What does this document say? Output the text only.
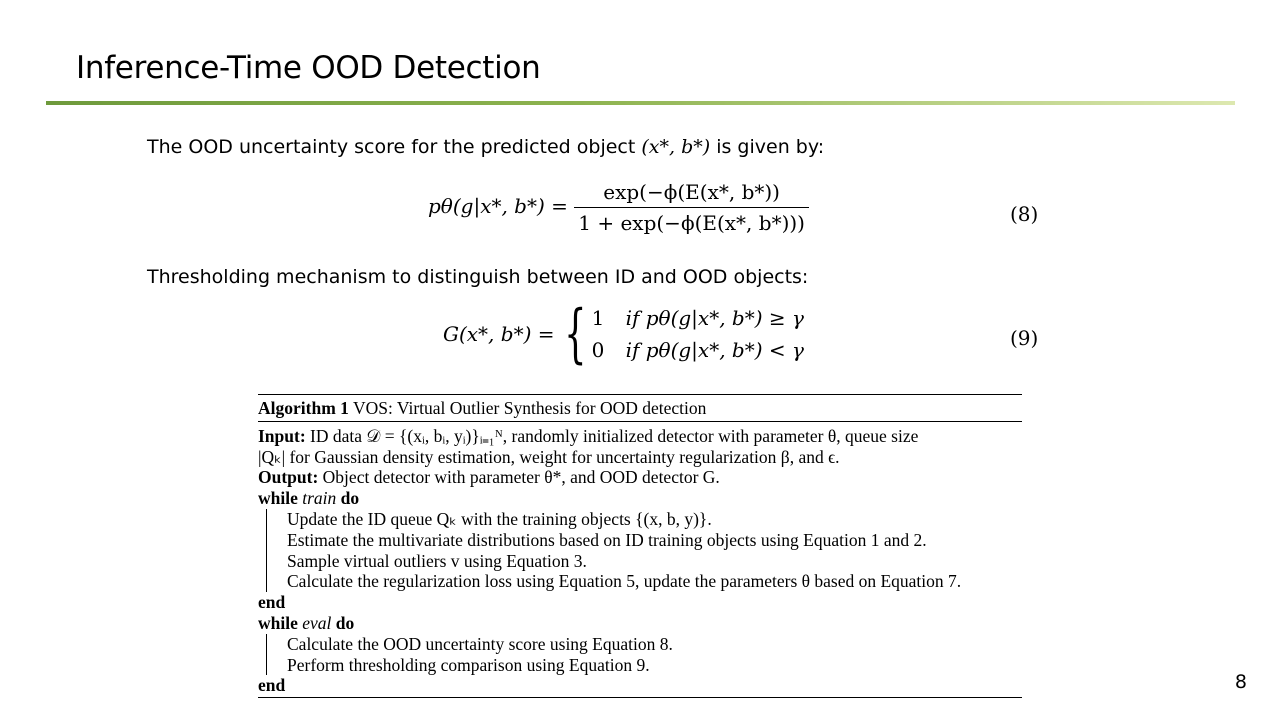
Inference-Time OOD Detection
The OOD uncertainty score for the predicted object (x*, b*) is given by:
pθ(g|x*, $b*) = \frac{\exp(-\phi(E(x*, b*))}{1 + \exp(-\phi(E(x*, b*)))}$	(8)
Thresholding mechanism to distinguish between ID and OOD objects:
G(x*, b*) = { 1 if pθ(g|x*, b*) ≥ γ
0 if pθ(g|x*, b*) < γ	(9)
Algorithm 1 VOS: Virtual Outlier Synthesis for OOD detection
Input: ID data 𝒟 = {(xᵢ, bᵢ, yᵢ)}ᵢ₌₁ᴺ, randomly initialized detector with parameter θ, queue size
|Qₖ| for Gaussian density estimation, weight for uncertainty regularization β, and ϵ.
Output: Object detector with parameter θ*, and OOD detector G.
while train do
Update the ID queue Qₖ with the training objects {(x, b, y)}.
Estimate the multivariate distributions based on ID training objects using Equation 1 and 2.
Sample virtual outliers v using Equation 3.
Calculate the regularization loss using Equation 5, update the parameters θ based on Equation 7.
end
while eval do
Calculate the OOD uncertainty score using Equation 8.
Perform thresholding comparison using Equation 9.
end	8
